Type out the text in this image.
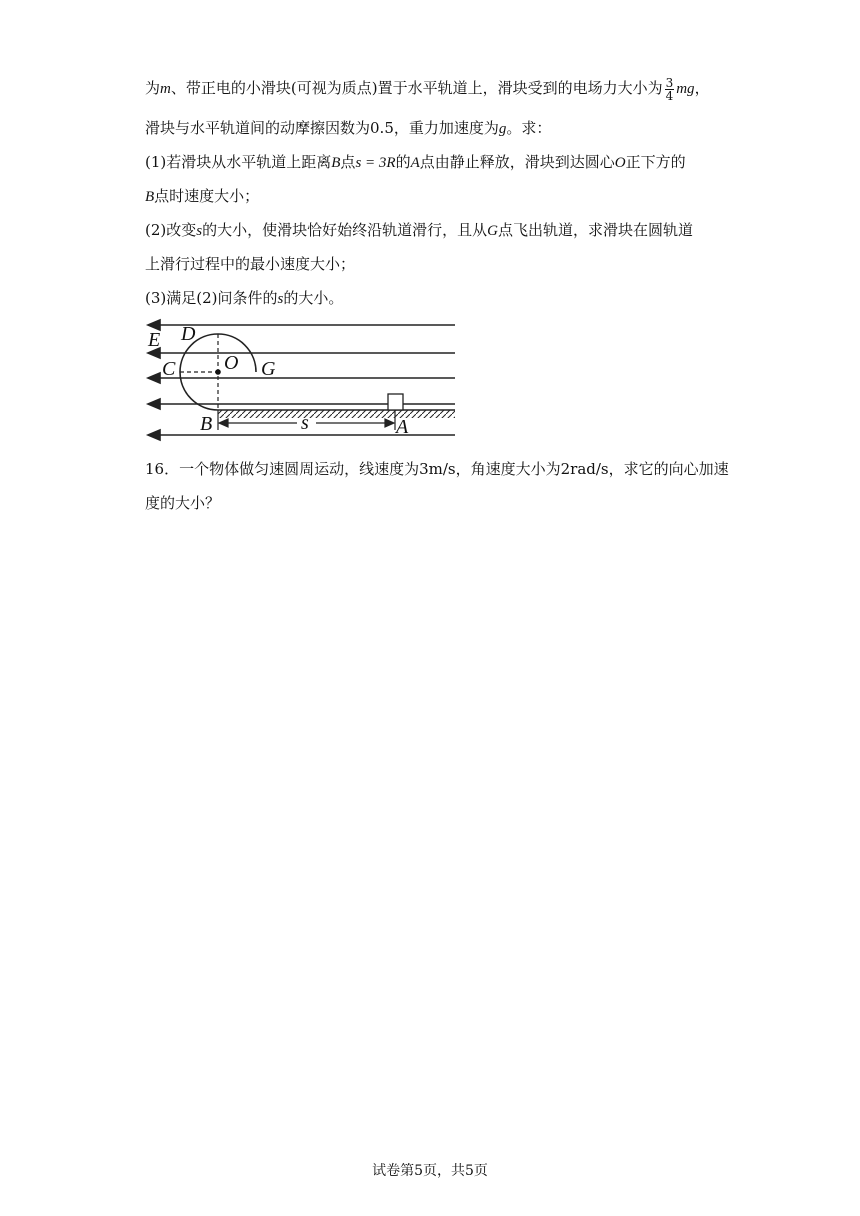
为m、带正电的小滑块(可视为质点)置于水平轨道上，滑块受到的电场力大小为 $\frac{3}{4}$ mg，
滑块与水平轨道间的动摩擦因数为0.5，重力加速度为g。求：
(1)若滑块从水平轨道上距离B点s = 3R的A点由静止释放，滑块到达圆心O正下方的
B点时速度大小；
(2)改变s的大小，使滑块恰好始终沿轨道滑行，且从G点飞出轨道，求滑块在圆轨道
上滑行过程中的最小速度大小；
(3)满足(2)问条件的s的大小。
E D
C O G
B	A
s
16．一个物体做匀速圆周运动，线速度为3m/s，角速度大小为2rad/s，求它的向心加速
度的大小？
试卷第5页，共5页
